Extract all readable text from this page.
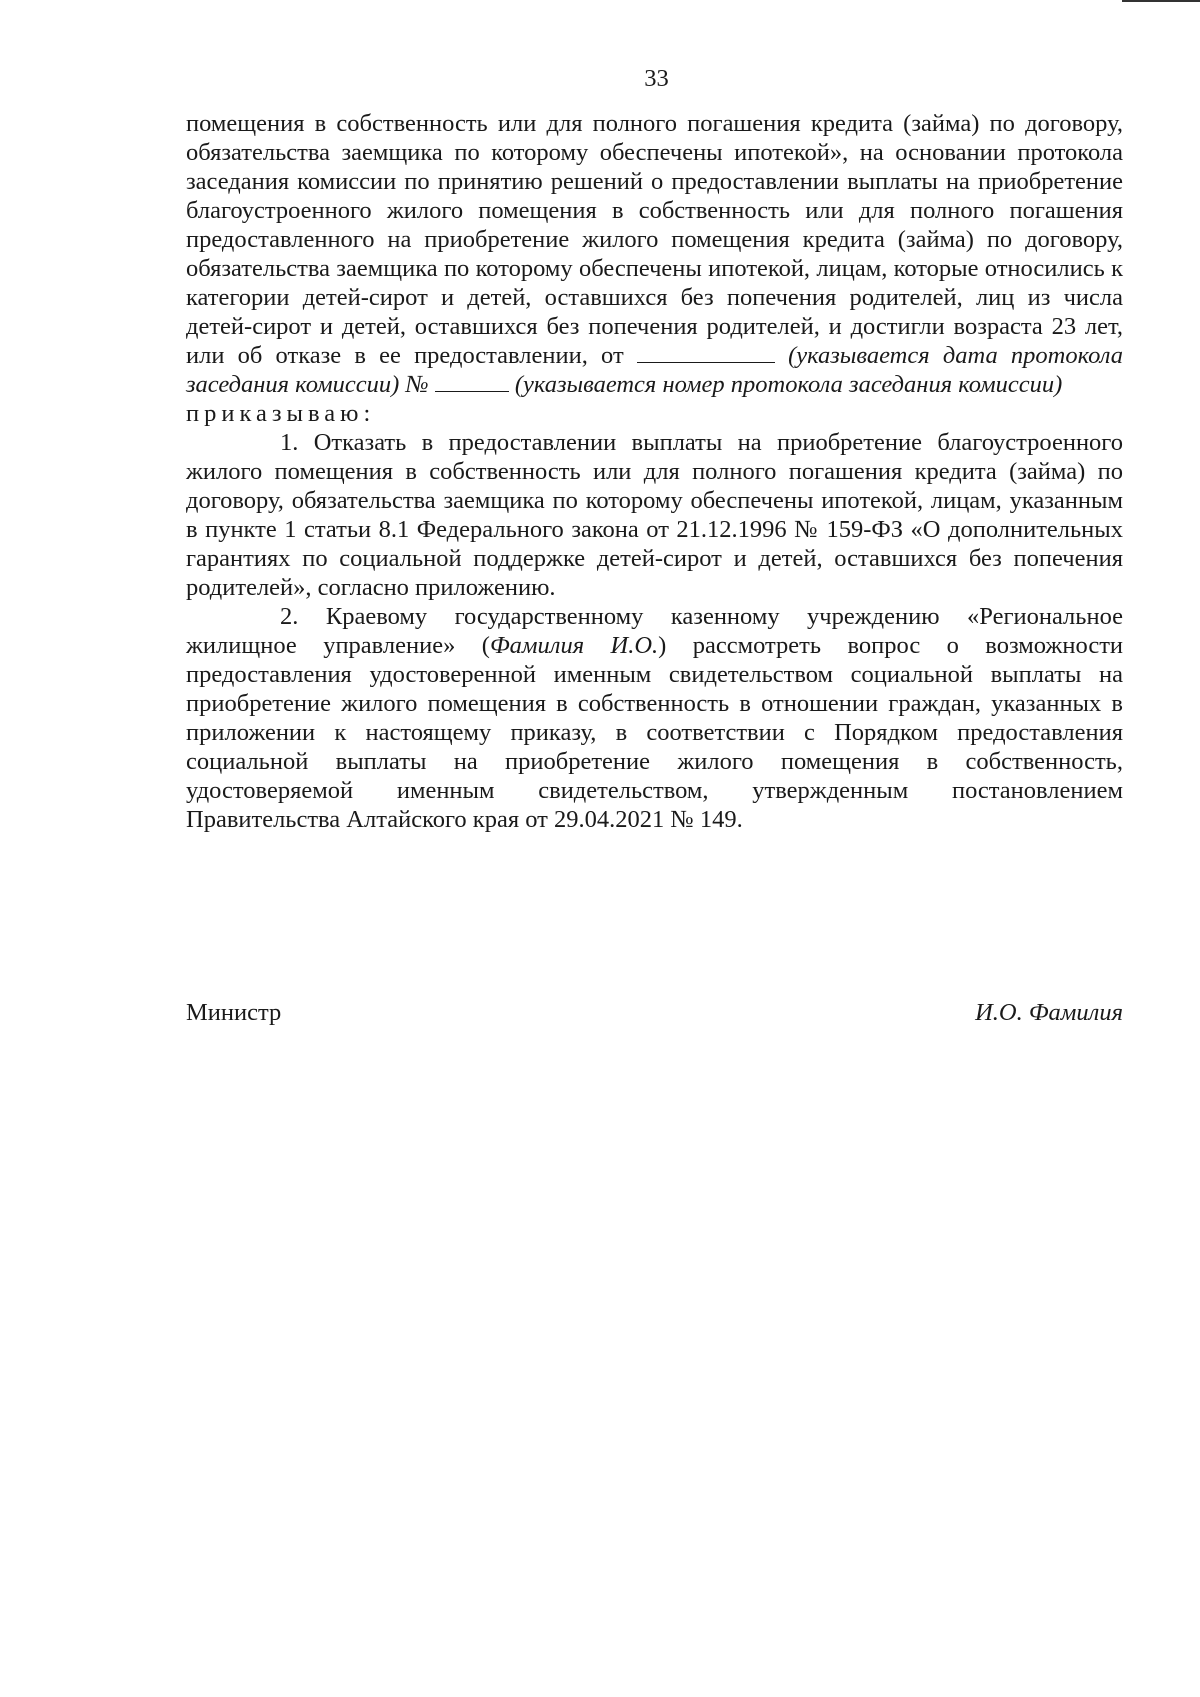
33

помещения в собственность или для полного погашения кредита (займа) по договору, обязательства заемщика по которому обеспечены ипотекой», на основании протокола заседания комиссии по принятию решений о предоставлении выплаты на приобретение благоустроенного жилого помещения в собственность или для полного погашения предоставленного на приобретение жилого помещения кредита (займа) по договору, обязательства заемщика по которому обеспечены ипотекой, лицам, которые относились к категории детей-сирот и детей, оставшихся без попечения родителей, лиц из числа детей-сирот и детей, оставшихся без попечения родителей, и достигли возраста 23 лет, или об отказе в ее предоставлении, от	(указывается дата протокола заседания комиссии) №	(указывается номер протокола заседания комиссии)

приказываю:

1. Отказать в предоставлении выплаты на приобретение благоустроенного жилого помещения в собственность или для полного погашения кредита (займа) по договору, обязательства заемщика по которому обеспечены ипотекой, лицам, указанным в пункте 1 статьи 8.1 Федерального закона от 21.12.1996 № 159-ФЗ «О дополнительных гарантиях по социальной поддержке детей-сирот и детей, оставшихся без попечения родителей», согласно приложению.

2. Краевому государственному казенному учреждению «Региональное жилищное управление» (Фамилия И.О.) рассмотреть вопрос о возможности предоставления удостоверенной именным свидетельством социальной выплаты на приобретение жилого помещения в собственность в отношении граждан, указанных в приложении к настоящему приказу, в соответствии с Порядком предоставления социальной выплаты на приобретение жилого помещения в собственность, удостоверяемой именным свидетельством, утвержденным постановлением Правительства Алтайского края от 29.04.2021 № 149.

Министр	И.О. Фамилия
